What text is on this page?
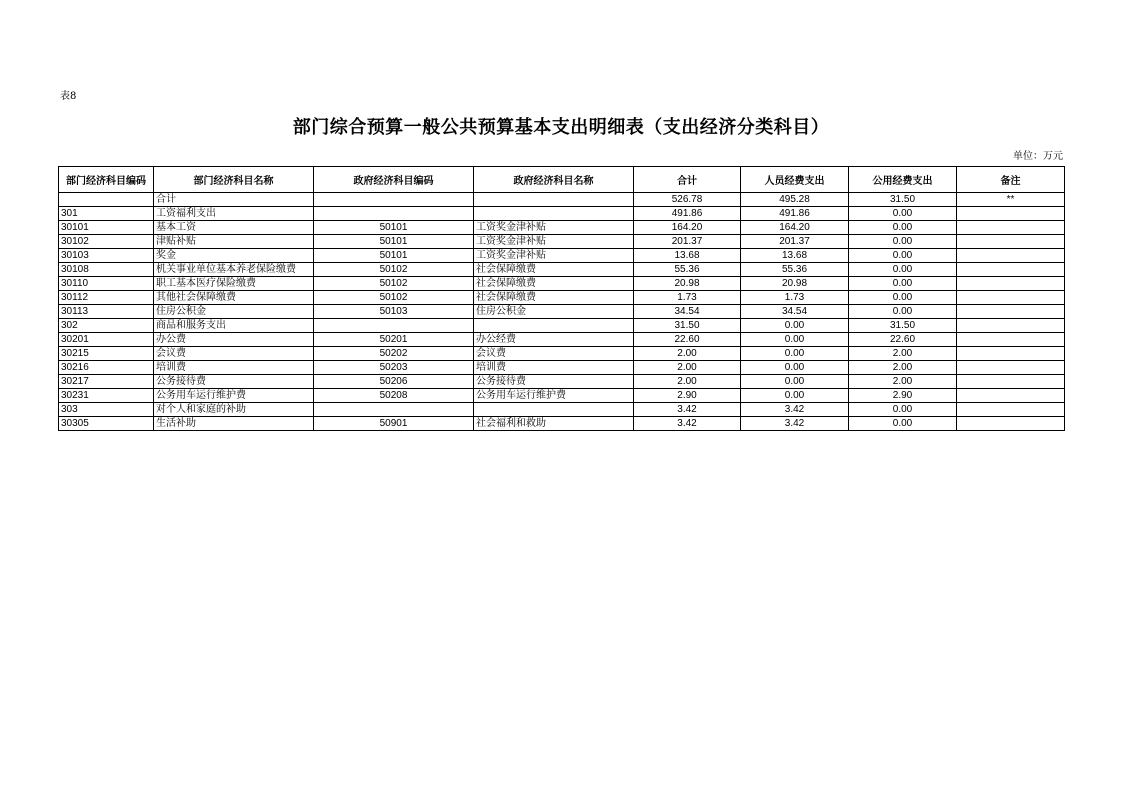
表8
部门综合预算一般公共预算基本支出明细表（支出经济分类科目）
单位：万元
部门经济科目编码	部门经济科目名称	政府经济科目编码	政府经济科目名称	合计	人员经费支出	公用经费支出	备注
	合计			526.78	495.28	31.50	**
301	工资福利支出			491.86	491.86	0.00	
30101	基本工资	50101	工资奖金津补贴	164.20	164.20	0.00	
30102	津贴补贴	50101	工资奖金津补贴	201.37	201.37	0.00	
30103	奖金	50101	工资奖金津补贴	13.68	13.68	0.00	
30108	机关事业单位基本养老保险缴费	50102	社会保障缴费	55.36	55.36	0.00	
30110	职工基本医疗保险缴费	50102	社会保障缴费	20.98	20.98	0.00	
30112	其他社会保障缴费	50102	社会保障缴费	1.73	1.73	0.00	
30113	住房公积金	50103	住房公积金	34.54	34.54	0.00	
302	商品和服务支出			31.50	0.00	31.50	
30201	办公费	50201	办公经费	22.60	0.00	22.60	
30215	会议费	50202	会议费	2.00	0.00	2.00	
30216	培训费	50203	培训费	2.00	0.00	2.00	
30217	公务接待费	50206	公务接待费	2.00	0.00	2.00	
30231	公务用车运行维护费	50208	公务用车运行维护费	2.90	0.00	2.90	
303	对个人和家庭的补助			3.42	3.42	0.00	
30305	生活补助	50901	社会福利和救助	3.42	3.42	0.00	
